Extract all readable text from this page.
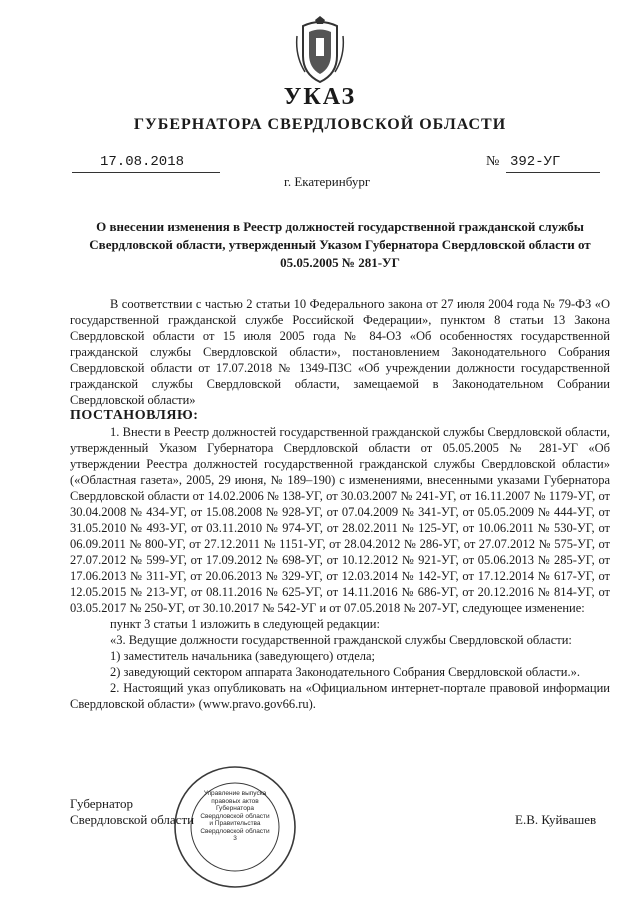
УКАЗ
ГУБЕРНАТОРА СВЕРДЛОВСКОЙ ОБЛАСТИ
17.08.2018	№ 392-УГ
г. Екатеринбург
О внесении изменения в Реестр должностей государственной гражданской службы Свердловской области, утвержденный Указом Губернатора Свердловской области от 05.05.2005 № 281-УГ

В соответствии с частью 2 статьи 10 Федерального закона от 27 июля 2004 года № 79-ФЗ «О государственной гражданской службе Российской Федерации», пунктом 8 статьи 13 Закона Свердловской области от 15 июля 2005 года № 84-ОЗ «Об особенностях государственной гражданской службы Свердловской области», постановлением Законодательного Собрания Свердловской области от 17.07.2018 № 1349-ПЗС «Об учреждении должности государственной гражданской службы Свердловской области, замещаемой в Законодательном Собрании Свердловской области»

ПОСТАНОВЛЯЮ:

1. Внести в Реестр должностей государственной гражданской службы Свердловской области, утвержденный Указом Губернатора Свердловской области от 05.05.2005 № 281-УГ «Об утверждении Реестра должностей государственной гражданской службы Свердловской области» («Областная газета», 2005, 29 июня, № 189–190) с изменениями, внесенными указами Губернатора Свердловской области от 14.02.2006 № 138-УГ, от 30.03.2007 № 241-УГ, от 16.11.2007 № 1179-УГ, от 30.04.2008 № 434-УГ, от 15.08.2008 № 928-УГ, от 07.04.2009 № 341-УГ, от 05.05.2009 № 444-УГ, от 31.05.2010 № 493-УГ, от 03.11.2010 № 974-УГ, от 28.02.2011 № 125-УГ, от 10.06.2011 № 530-УГ, от 06.09.2011 № 800-УГ, от 27.12.2011 № 1151-УГ, от 28.04.2012 № 286-УГ, от 27.07.2012 № 575-УГ, от 27.07.2012 № 599-УГ, от 17.09.2012 № 698-УГ, от 10.12.2012 № 921-УГ, от 05.06.2013 № 285-УГ, от 17.06.2013 № 311-УГ, от 20.06.2013 № 329-УГ, от 12.03.2014 № 142-УГ, от 17.12.2014 № 617-УГ, от 12.05.2015 № 213-УГ, от 08.11.2016 № 625-УГ, от 14.11.2016 № 686-УГ, от 20.12.2016 № 814-УГ, от 03.05.2017 № 250-УГ, от 30.10.2017 № 542-УГ и от 07.05.2018 № 207-УГ, следующее изменение:

пункт 3 статьи 1 изложить в следующей редакции:

«3. Ведущие должности государственной гражданской службы Свердловской области:

1) заместитель начальника (заведующего) отдела;

2) заведующий сектором аппарата Законодательного Собрания Свердловской области.».

2. Настоящий указ опубликовать на «Официальном интернет-портале правовой информации Свердловской области» (www.pravo.gov66.ru).

Губернатор
Свердловской области	Е.В. Куйвашев
Управление выпуска правовых актов Губернатора Свердловской области и Правительства Свердловской области
3
